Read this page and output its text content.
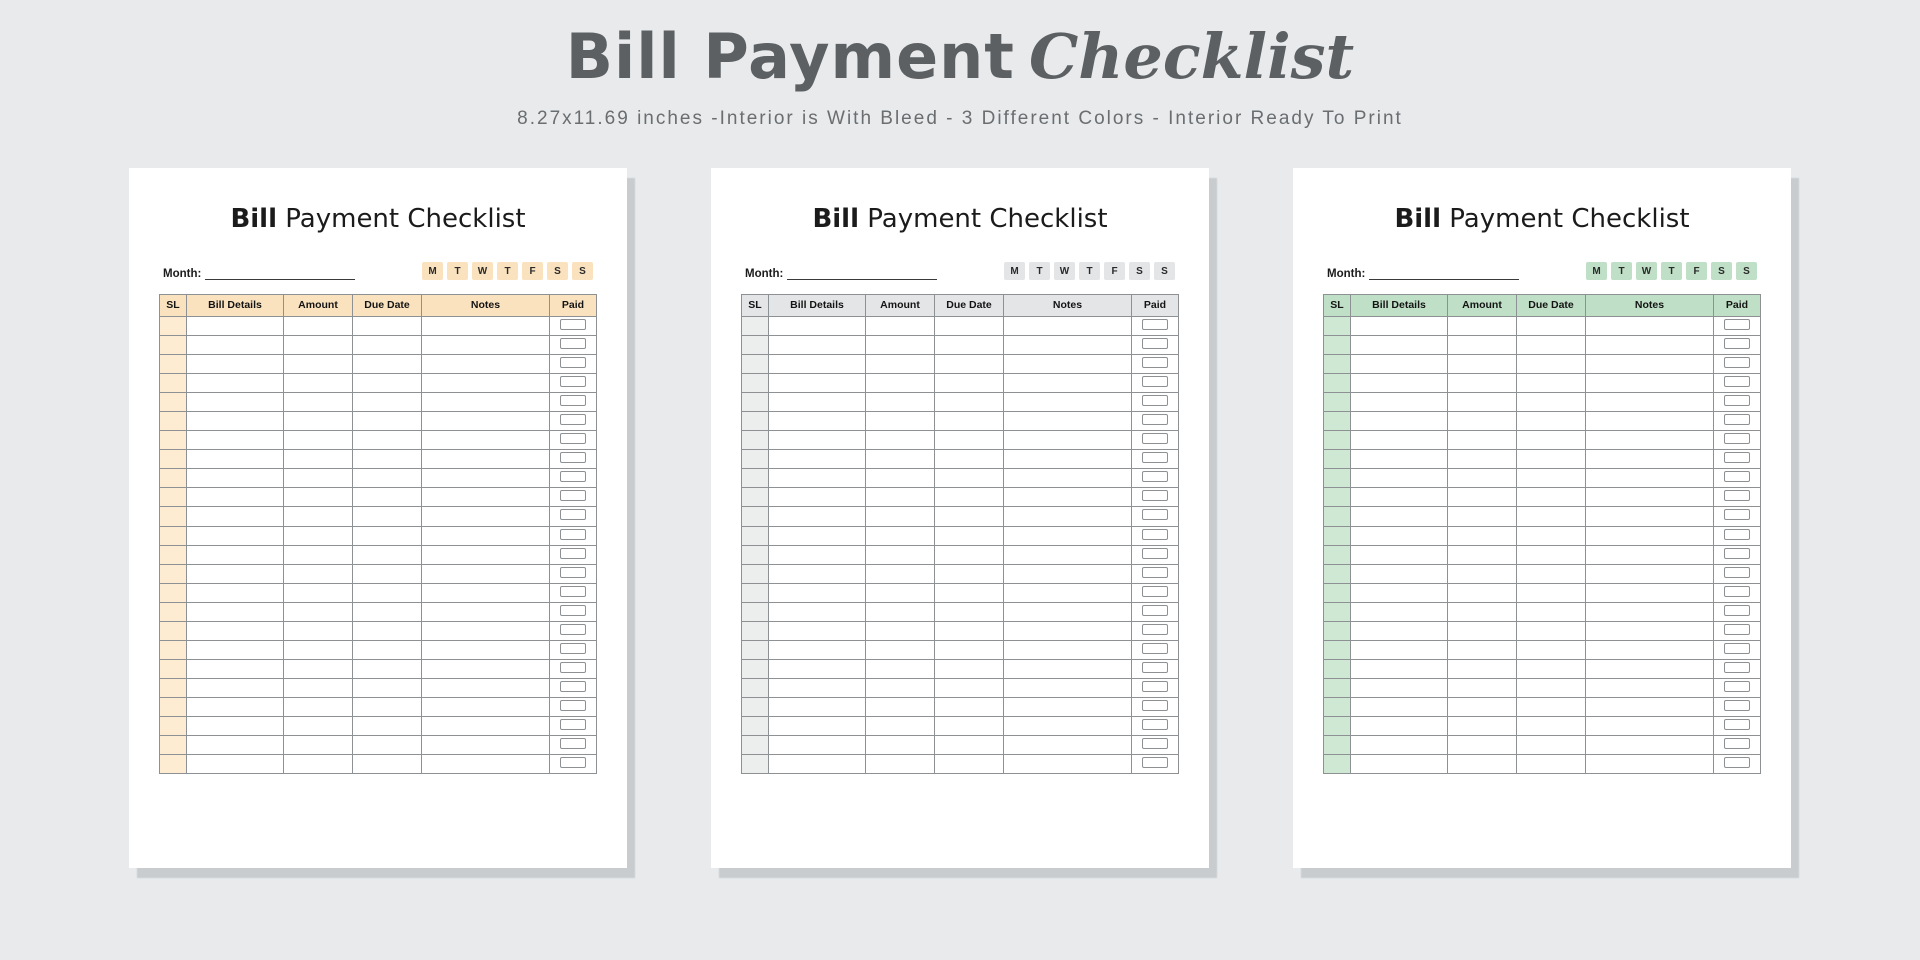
Bill Payment Checklist
8.27x11.69 inches -Interior is With Bleed - 3 Different Colors - Interior Ready To Print
Bill Payment Checklist
Month:	M	T	W	T	F	S	S
SL	Bill Details	Amount	Due Date	Notes	Paid

Bill Payment Checklist
Month:	M	T	W	T	F	S	S
SL	Bill Details	Amount	Due Date	Notes	Paid

Bill Payment Checklist
Month:	M	T	W	T	F	S	S
SL	Bill Details	Amount	Due Date	Notes	Paid
